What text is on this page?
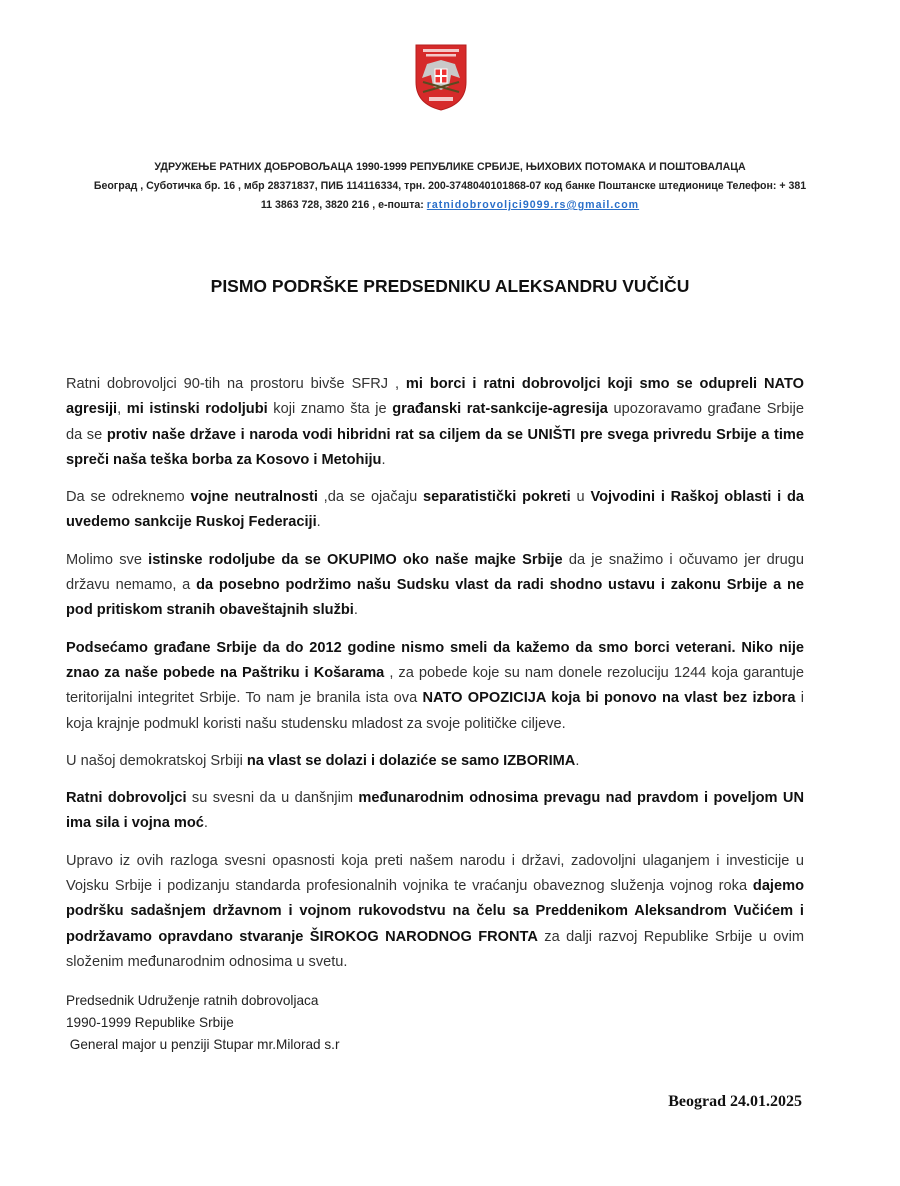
УДРУЖЕЊЕ РАТНИХ ДОБРОВОЉАЦА 1990-1999 РЕПУБЛИКЕ СРБИЈЕ, ЊИХОВИХ ПОТОМАКА И ПОШТОВАЛАЦА
Београд , Суботичка бр. 16 , мбр 28371837, ПИБ 114116334, трн. 200-3748040101868-07 код банке Поштанске штедионице Телефон: + 381
11 3863 728, 3820 216 , е-пошта: ratnidobrovoljci9099.rs@gmail.com
PISMO PODRŠKE PREDSEDNIKU ALEKSANDRU VUČIČU

Ratni dobrovoljci 90-tih na prostoru bivše SFRJ , mi borci i ratni dobrovoljci koji smo se odupreli NATO agresiji, mi istinski rodoljubi koji znamo šta je građanski rat-sankcije-agresija upozoravamo građane Srbije da se protiv naše države i naroda vodi hibridni rat sa ciljem da se UNIŠTI pre svega privredu Srbije a time spreči naša teška borba za Kosovo i Metohiju.

Da se odreknemo vojne neutralnosti ,da se ojačaju separatistički pokreti u Vojvodini i Raškoj oblasti i da uvedemo sankcije Ruskoj Federaciji.

Molimo sve istinske rodoljube da se OKUPIMO oko naše majke Srbije da je snažimo i očuvamo jer drugu državu nemamo, a da posebno podržimo našu Sudsku vlast da radi shodno ustavu i zakonu Srbije a ne pod pritiskom stranih obaveštajnih službi.

Podsećamo građane Srbije da do 2012 godine nismo smeli da kažemo da smo borci veterani. Niko nije znao za naše pobede na Paštriku i Košarama , za pobede koje su nam donele rezoluciju 1244 koja garantuje teritorijalni integritet Srbije. To nam je branila ista ova NATO OPOZICIJA koja bi ponovo na vlast bez izbora i koja krajnje podmukl koristi našu studensku mladost za svoje političke ciljeve.

U našoj demokratskoj Srbiji na vlast se dolazi i dolaziće se samo IZBORIMA.

Ratni dobrovoljci su svesni da u danšnjim međunarodnim odnosima prevagu nad pravdom i poveljom UN ima sila i vojna moć.

Upravo iz ovih razloga svesni opasnosti koja preti našem narodu i državi, zadovoljni ulaganjem i investicije u Vojsku Srbije i podizanju standarda profesionalnih vojnika te vraćanju obaveznog služenja vojnog roka dajemo podršku sadašnjem državnom i vojnom rukovodstvu na čelu sa Preddenikom Aleksandrom Vučićem i podržavamo opravdano stvaranje ŠIROKOG NARODNOG FRONTA za dalji razvoj Republike Srbije u ovim složenim međunarodnim odnosima u svetu.

Predsednik Udruženje ratnih dobrovoljaca
1990-1999 Republike Srbije
General major u penziji Stupar mr.Milorad s.r
Beograd 24.01.2025
